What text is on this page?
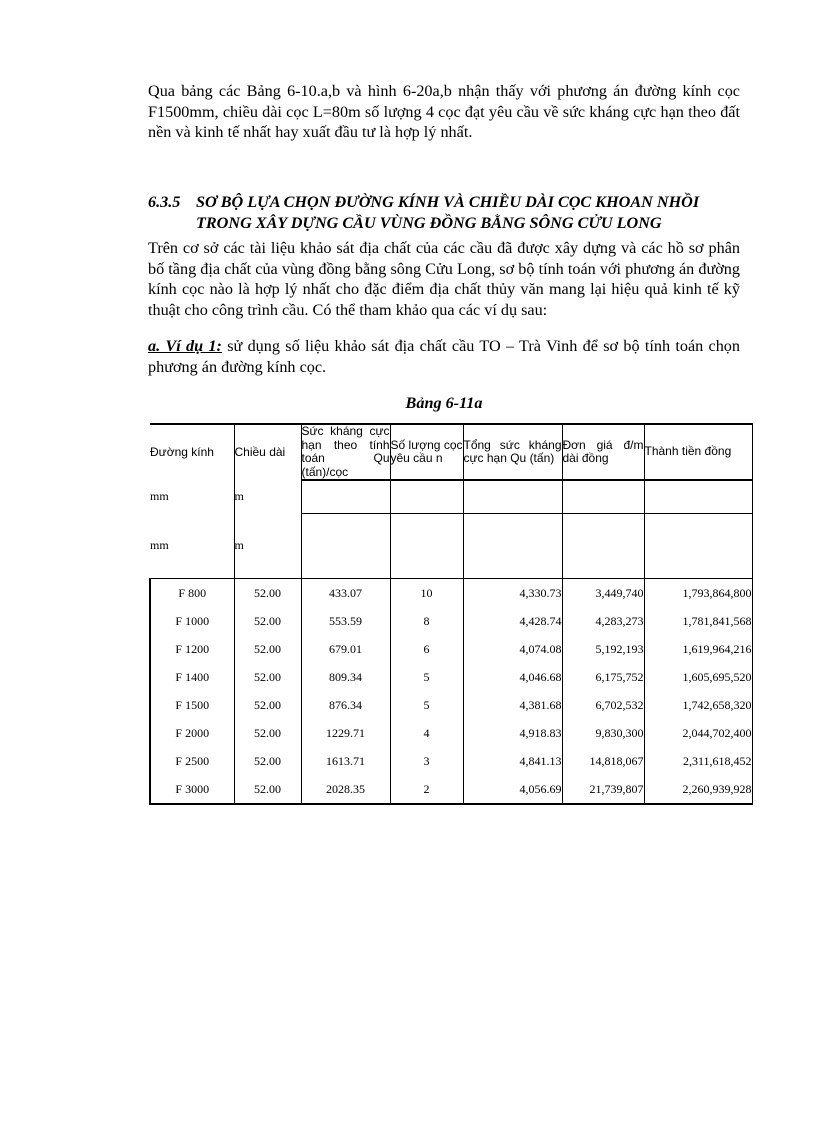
Qua bảng các Bảng 6-10.a,b và hình 6-20a,b nhận thấy với phương án đường kính cọc F1500mm, chiều dài cọc L=80m số lượng 4 cọc đạt yêu cầu về sức kháng cực hạn theo đất nền và kinh tế nhất hay xuất đầu tư là hợp lý nhất.

6.3.5 SƠ BỘ LỰA CHỌN ĐƯỜNG KÍNH VÀ CHIỀU DÀI CỌC KHOAN NHỒI
TRONG XÂY DỰNG CẦU VÙNG ĐỒNG BẰNG SÔNG CỬU LONG

Trên cơ sở các tài liệu khảo sát địa chất của các cầu đã được xây dựng và các hồ sơ phân bố tầng địa chất của vùng đồng bằng sông Cửu Long, sơ bộ tính toán với phương án đường kính cọc nào là hợp lý nhất cho đặc điểm địa chất thủy văn mang lại hiệu quả kinh tế kỹ thuật cho công trình cầu. Có thể tham khảo qua các ví dụ sau:

a. Ví dụ 1: sử dụng số liệu khảo sát địa chất cầu TO – Trà Vinh để sơ bộ tính toán chọn phương án đường kính cọc.

Bảng 6-11a
Đường kính	Chiều dài	Sức kháng cực hạn theo tính toán Qu (tấn)/cọc	Số lượng cọc yêu cầu n	Tổng sức kháng cực hạn Qu (tấn)	Đơn giá đ/m dài đồng	Thành tiền đồng
mm	m					
mm	m					
F 800	52.00	433.07	10	4,330.73	3,449,740	1,793,864,800
F 1000	52.00	553.59	8	4,428.74	4,283,273	1,781,841,568
F 1200	52.00	679.01	6	4,074.08	5,192,193	1,619,964,216
F 1400	52.00	809.34	5	4,046.68	6,175,752	1,605,695,520
F 1500	52.00	876.34	5	4,381.68	6,702,532	1,742,658,320
F 2000	52.00	1229.71	4	4,918.83	9,830,300	2,044,702,400
F 2500	52.00	1613.71	3	4,841.13	14,818,067	2,311,618,452
F 3000	52.00	2028.35	2	4,056.69	21,739,807	2,260,939,928
